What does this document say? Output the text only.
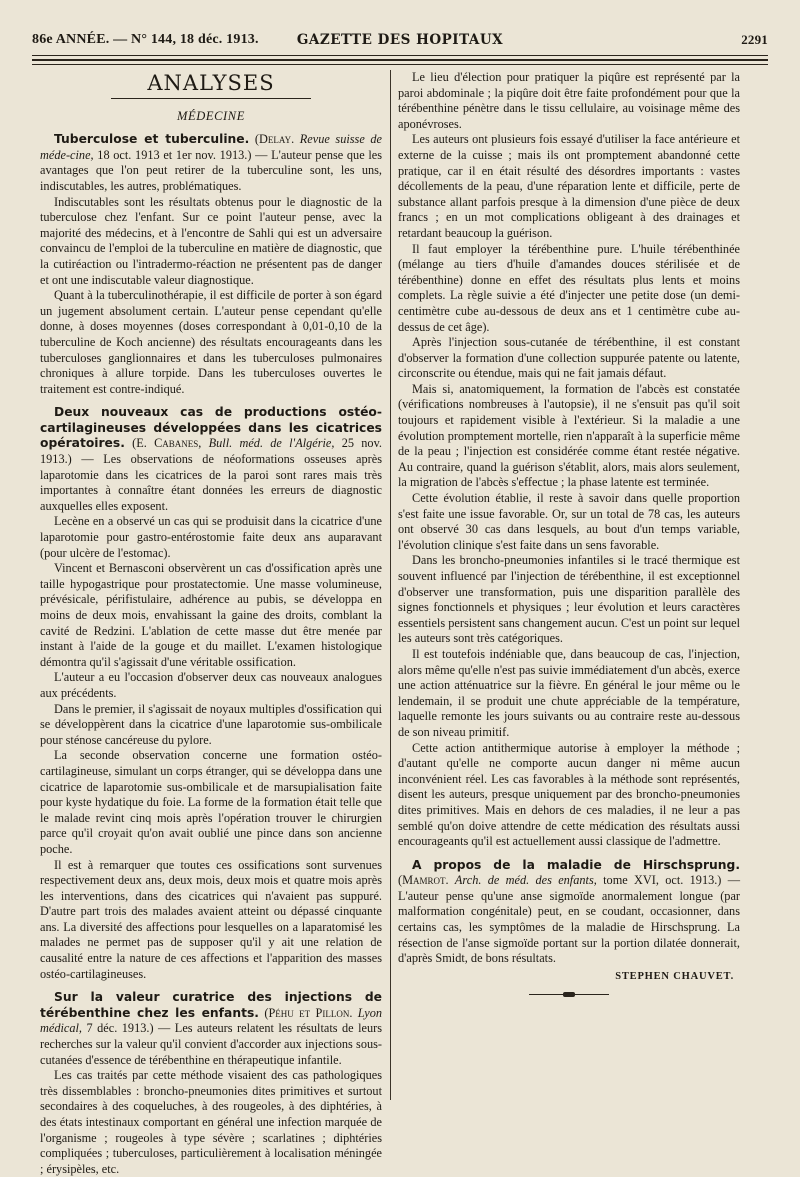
86e ANNÉE. — N° 144, 18 déc. 1913.	GAZETTE DES HOPITAUX	2291
ANALYSES
MÉDECINE

Tuberculose et tuberculine. (Delay. Revue suisse de méde-cine, 18 oct. 1913 et 1er nov. 1913.) — L'auteur pense que les avantages que l'on peut retirer de la tuberculine sont, les uns, indiscutables, les autres, problématiques.

Indiscutables sont les résultats obtenus pour le diagnostic de la tuberculose chez l'enfant. Sur ce point l'auteur pense, avec la majorité des médecins, et à l'encontre de Sahli qui est un adversaire convaincu de l'emploi de la tuberculine en matière de diagnostic, que la cutiréaction ou l'intradermo-réaction ne présentent pas de danger et ont une indiscutable valeur diagnostique.

Quant à la tuberculinothérapie, il est difficile de porter à son égard un jugement absolument certain. L'auteur pense cependant qu'elle donne, à doses moyennes (doses correspondant à 0,01-0,10 de la tuberculine de Koch ancienne) des résultats encourageants dans les tuberculoses ganglionnaires et dans les tuberculoses pulmonaires chroniques à allure torpide. Dans les tuberculoses ouvertes le traitement est contre-indiqué.

Deux nouveaux cas de productions ostéo-cartilagineuses développées dans les cicatrices opératoires. (E. Cabanes, Bull. méd. de l'Algérie, 25 nov. 1913.) — Les observations de néoformations osseuses après laparotomie dans les cicatrices de la paroi sont rares mais très importantes à connaître étant données les erreurs de diagnostic auxquelles elles exposent.

Lecène en a observé un cas qui se produisit dans la cicatrice d'une laparotomie pour gastro-entérostomie faite deux ans auparavant (pour ulcère de l'estomac).

Vincent et Bernasconi observèrent un cas d'ossification après une taille hypogastrique pour prostatectomie. Une masse volumineuse, prévésicale, périfistulaire, adhérence au pubis, se développa en moins de deux mois, envahissant la gaine des droits, comblant la cavité de Redzini. L'ablation de cette masse dut être menée par instant à l'aide de la gouge et du maillet. L'examen histologique démontra qu'il s'agissait d'une véritable ossification.

L'auteur a eu l'occasion d'observer deux cas nouveaux analogues aux précédents.

Dans le premier, il s'agissait de noyaux multiples d'ossification qui se développèrent dans la cicatrice d'une laparotomie sus-ombilicale pour sténose cancéreuse du pylore.

La seconde observation concerne une formation ostéo-cartilagineuse, simulant un corps étranger, qui se développa dans une cicatrice de laparotomie sus-ombilicale et de marsupialisation faite pour kyste hydatique du foie. La forme de la formation était telle que le malade revint cinq mois après l'opération trouver le chirurgien parce qu'il croyait qu'on avait oublié une pince dans son ancienne poche.

Il est à remarquer que toutes ces ossifications sont survenues respectivement deux ans, deux mois, deux mois et quatre mois après les interventions, dans des cicatrices qui n'avaient pas suppuré. D'autre part trois des malades avaient atteint ou dépassé cinquante ans. La diversité des affections pour lesquelles on a laparatomisé les malades ne permet pas de supposer qu'il y ait une relation de causalité entre la nature de ces affections et l'apparition des masses ostéo-cartilagineuses.

Sur la valeur curatrice des injections de térébenthine chez les enfants. (Péhu et Pillon. Lyon médical, 7 déc. 1913.) — Les auteurs relatent les résultats de leurs recherches sur la valeur qu'il convient d'accorder aux injections sous-cutanées d'essence de térébenthine en thérapeutique infantile.

Les cas traités par cette méthode visaient des cas pathologiques très dissemblables : broncho-pneumonies dites primitives et surtout secondaires à des coqueluches, à des rougeoles, à des diphtéries, à des états intestinaux comportant en général une infection marquée de l'organisme ; rougeoles à type sévère ; scarlatines ; diphtéries compliquées ; tuberculoses, particulièrement à localisation méningée ; érysipèles, etc.

Le lieu d'élection pour pratiquer la piqûre est représenté par la paroi abdominale ; la piqûre doit être faite profondément pour que la térébenthine pénètre dans le tissu cellulaire, au voisinage même des aponévroses.

Les auteurs ont plusieurs fois essayé d'utiliser la face antérieure et externe de la cuisse ; mais ils ont promptement abandonné cette pratique, car il en était résulté des désordres importants : vastes décollements de la peau, d'une réparation lente et difficile, perte de substance allant parfois presque à la dimension d'une pièce de deux francs ; en un mot complications obligeant à des drainages et retardant beaucoup la guérison.

Il faut employer la térébenthine pure. L'huile térébenthinée (mélange au tiers d'huile d'amandes douces stérilisée et de térébenthine) donne en effet des résultats plus lents et moins complets. La règle suivie a été d'injecter une petite dose (un demi-centimètre cube au-dessous de deux ans et 1 centimètre cube au-dessus de cet âge).

Après l'injection sous-cutanée de térébenthine, il est constant d'observer la formation d'une collection suppurée patente ou latente, circonscrite ou étendue, mais qui ne fait jamais défaut.

Mais si, anatomiquement, la formation de l'abcès est constatée (vérifications nombreuses à l'autopsie), il ne s'ensuit pas qu'il soit toujours et rapidement visible à l'extérieur. Si la maladie a une évolution promptement mortelle, rien n'apparaît à la superficie même de la peau ; l'injection est considérée comme étant restée négative. Au contraire, quand la guérison s'établit, alors, mais alors seulement, la migration de l'abcès s'effectue ; la phase latente est terminée.

Cette évolution établie, il reste à savoir dans quelle proportion s'est faite une issue favorable. Or, sur un total de 78 cas, les auteurs ont observé 30 cas dans lesquels, au bout d'un temps variable, l'évolution clinique s'est faite dans un sens favorable.

Dans les broncho-pneumonies infantiles si le tracé thermique est souvent influencé par l'injection de térébenthine, il est exceptionnel d'observer une transformation, puis une disparition parallèle des signes fonctionnels et physiques ; leur évolution et leurs caractères essentiels persistent sans changement aucun. C'est un point sur lequel les auteurs sont très catégoriques.

Il est toutefois indéniable que, dans beaucoup de cas, l'injection, alors même qu'elle n'est pas suivie immédiatement d'un abcès, exerce une action atténuatrice sur la fièvre. En général le jour même ou le lendemain, il se produit une chute appréciable de la température, laquelle remonte les jours suivants ou au contraire reste au-dessous de son niveau primitif.

Cette action antithermique autorise à employer la méthode ; d'autant qu'elle ne comporte aucun danger ni même aucun inconvénient réel. Les cas favorables à la méthode sont représentés, disent les auteurs, presque uniquement par des broncho-pneumonies dites primitives. Mais en dehors de ces maladies, il ne leur a pas semblé qu'on doive attendre de cette médication des résultats aussi encourageants qu'il est actuellement aussi classique de l'admettre.

A propos de la maladie de Hirschsprung. (Mamrot. Arch. de méd. des enfants, tome XVI, oct. 1913.) — L'auteur pense qu'une anse sigmoïde anormalement longue (par malformation congénitale) peut, en se coudant, occasionner, dans certains cas, les symptômes de la maladie de Hirschsprung. La résection de l'anse sigmoïde portant sur la portion dilatée donnerait, d'après Smidt, de bons résultats.

STEPHEN CHAUVET.
